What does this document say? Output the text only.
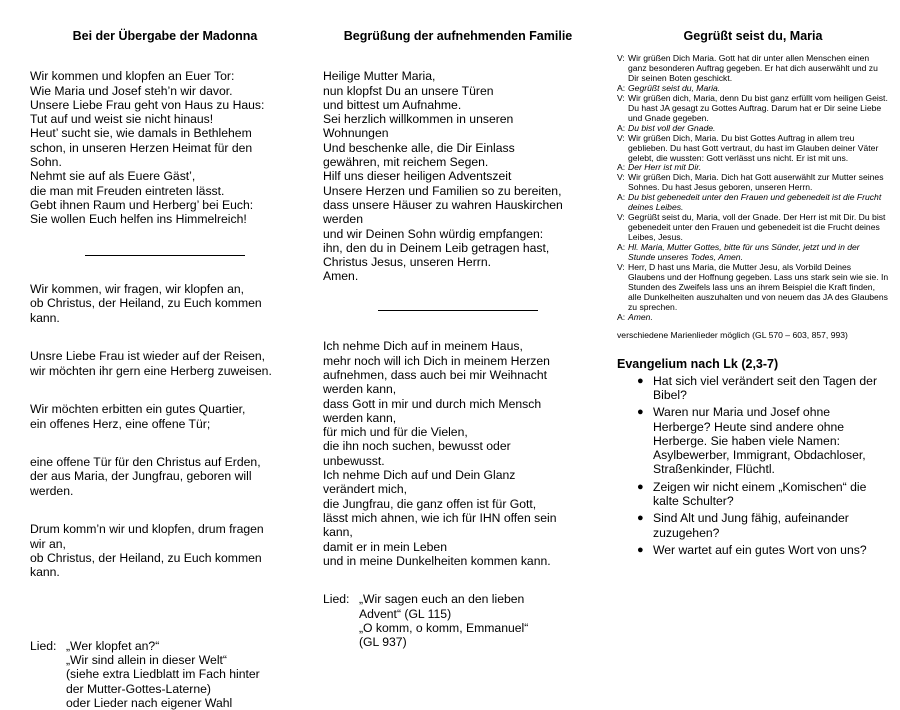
Bei der Übergabe der Madonna

Wir kommen und klopfen an Euer Tor:
Wie Maria und Josef steh’n wir davor.
Unsere Liebe Frau geht von Haus zu Haus:
Tut auf und weist sie nicht hinaus!
Heut’ sucht sie, wie damals in Bethlehem
schon, in unseren Herzen Heimat für den
Sohn.
Nehmt sie auf als Euere Gäst’,
die man mit Freuden eintreten lässt.
Gebt ihnen Raum und Herberg’ bei Euch:
Sie wollen Euch helfen ins Himmelreich!

Wir kommen, wir fragen, wir klopfen an,
ob Christus, der Heiland, zu Euch kommen
kann.

Unsre Liebe Frau ist wieder auf der Reisen,
wir möchten ihr gern eine Herberg zuweisen.

Wir möchten erbitten ein gutes Quartier,
ein offenes Herz, eine offene Tür;

eine offene Tür für den Christus auf Erden,
der aus Maria, der Jungfrau, geboren will
werden.

Drum komm’n wir und klopfen, drum fragen
wir an,
ob Christus, der Heiland, zu Euch kommen
kann.

Lied: „Wer klopfet an?“
„Wir sind allein in dieser Welt“
(siehe extra Liedblatt im Fach hinter
der Mutter-Gottes-Laterne)
oder Lieder nach eigener Wahl
Begrüßung der aufnehmenden Familie

Heilige Mutter Maria,
nun klopfst Du an unsere Türen
und bittest um Aufnahme.
Sei herzlich willkommen in unseren
Wohnungen
Und beschenke alle, die Dir Einlass
gewähren, mit reichem Segen.
Hilf uns dieser heiligen Adventszeit
Unsere Herzen und Familien so zu bereiten,
dass unsere Häuser zu wahren Hauskirchen
werden
und wir Deinen Sohn würdig empfangen:
ihn, den du in Deinem Leib getragen hast,
Christus Jesus, unseren Herrn.
Amen.

Ich nehme Dich auf in meinem Haus,
mehr noch will ich Dich in meinem Herzen
aufnehmen, dass auch bei mir Weihnacht
werden kann,
dass Gott in mir und durch mich Mensch
werden kann,
für mich und für die Vielen,
die ihn noch suchen, bewusst oder
unbewusst.
Ich nehme Dich auf und Dein Glanz
verändert mich,
die Jungfrau, die ganz offen ist für Gott,
lässt mich ahnen, wie ich für IHN offen sein
kann,
damit er in mein Leben
und in meine Dunkelheiten kommen kann.

Lied: „Wir sagen euch an den lieben
Advent“ (GL 115)
„O komm, o komm, Emmanuel“
(GL 937)
Gegrüßt seist du, Maria
V: Wir grüßen Dich Maria. Gott hat dir unter allen Menschen einen ganz besonderen Auftrag gegeben. Er hat dich auserwählt und zu Dir seinen Boten geschickt.
A: Gegrüßt seist du, Maria.
V: Wir grüßen dich, Maria, denn Du bist ganz erfüllt vom heiligen Geist. Du hast JA gesagt zu Gottes Auftrag. Darum hat er Dir seine Liebe und Gnade gegeben.
A: Du bist voll der Gnade.
V: Wir grüßen Dich, Maria. Du bist Gottes Auftrag in allem treu geblieben. Du hast Gott vertraut, du hast im Glauben deiner Väter gelebt, die wussten: Gott verlässt uns nicht. Er ist mit uns.
A: Der Herr ist mit Dir.
V: Wir grüßen Dich, Maria. Dich hat Gott auserwählt zur Mutter seines Sohnes. Du hast Jesus geboren, unseren Herrn.
A: Du bist gebenedeit unter den Frauen und gebenedeit ist die Frucht deines Leibes.
V: Gegrüßt seist du, Maria, voll der Gnade. Der Herr ist mit Dir. Du bist gebenedeit unter den Frauen und gebenedeit ist die Frucht deines Leibes, Jesus.
A: Hl. Maria, Mutter Gottes, bitte für uns Sünder, jetzt und in der Stunde unseres Todes, Amen.
V: Herr, D hast uns Maria, die Mutter Jesu, als Vorbild Deines Glaubens und der Hoffnung gegeben. Lass uns stark sein wie sie. In Stunden des Zweifels lass uns an ihrem Beispiel die Kraft finden, alle Dunkelheiten auszuhalten und von neuem das JA des Glaubens zu sprechen.
A: Amen.
verschiedene Marienlieder möglich (GL 570 – 603, 857, 993)
Evangelium nach Lk (2,3-7)
● Hat sich viel verändert seit den Tagen der Bibel?
● Waren nur Maria und Josef ohne Herberge? Heute sind andere ohne Herberge. Sie haben viele Namen: Asylbewerber, Immigrant, Obdachloser, Straßenkinder, Flüchtl.
● Zeigen wir nicht einem „Komischen“ die kalte Schulter?
● Sind Alt und Jung fähig, aufeinander zuzugehen?
● Wer wartet auf ein gutes Wort von uns?
